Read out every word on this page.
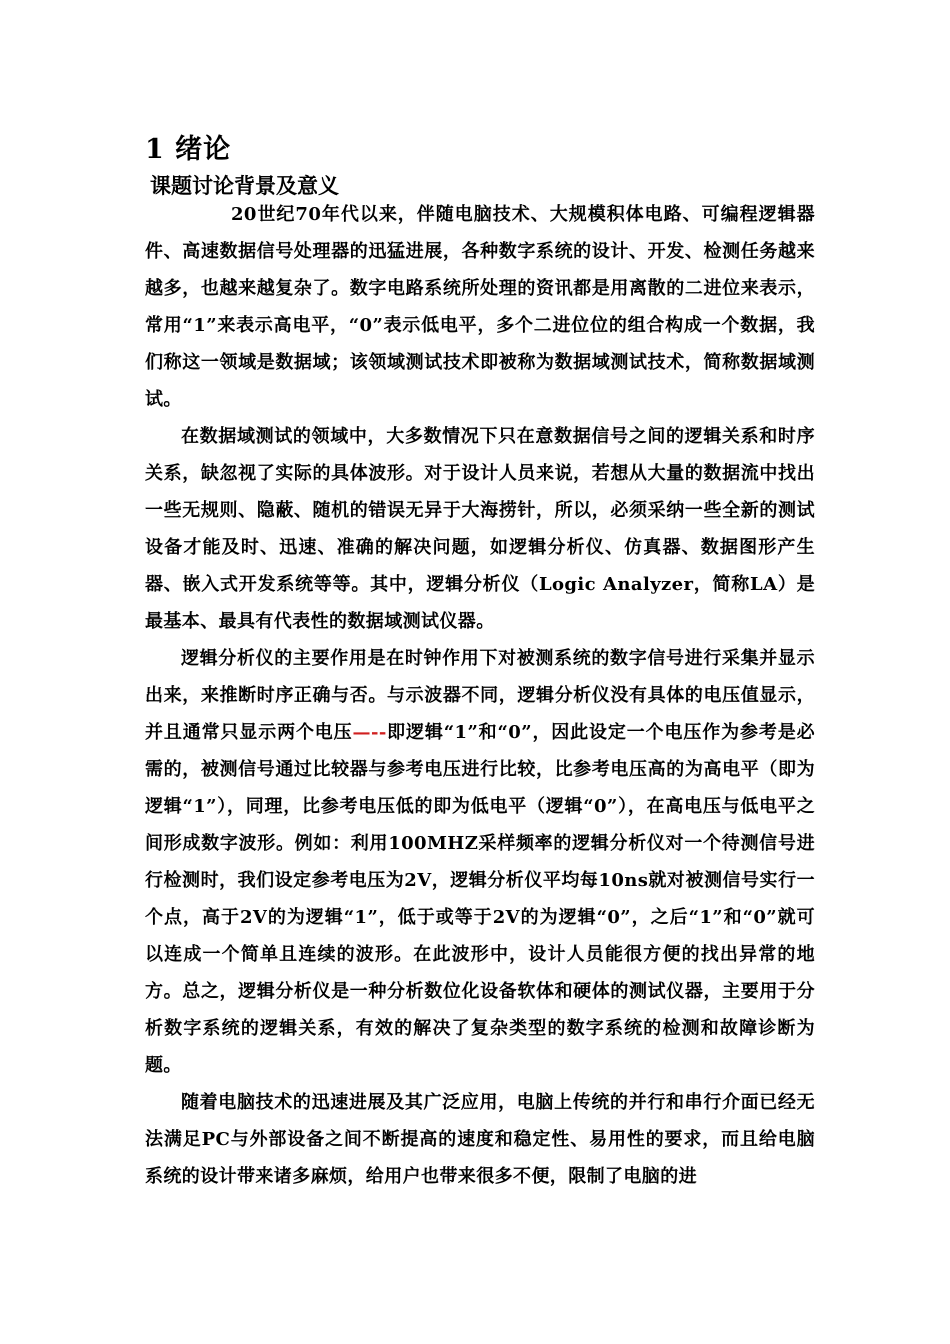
1 绪论
课题讨论背景及意义

20世纪70年代以来，伴随电脑技术、大规模积体电路、可编程逻辑器件、高速数据信号处理器的迅猛进展，各种数字系统的设计、开发、检测任务越来越多，也越来越复杂了。数字电路系统所处理的资讯都是用离散的二进位来表示，常用“1”来表示高电平，“0”表示低电平，多个二进位位的组合构成一个数据，我们称这一领域是数据域；该领域测试技术即被称为数据域测试技术，简称数据域测试。

在数据域测试的领域中，大多数情况下只在意数据信号之间的逻辑关系和时序关系，缺忽视了实际的具体波形。对于设计人员来说，若想从大量的数据流中找出一些无规则、隐蔽、随机的错误无异于大海捞针，所以，必须采纳一些全新的测试设备才能及时、迅速、准确的解决问题，如逻辑分析仪、仿真器、数据图形产生器、嵌入式开发系统等等。其中，逻辑分析仪（Logic Analyzer，简称LA）是最基本、最具有代表性的数据域测试仪器。

逻辑分析仪的主要作用是在时钟作用下对被测系统的数字信号进行采集并显示出来，来推断时序正确与否。与示波器不同，逻辑分析仪没有具体的电压值显示，并且通常只显示两个电压—--即逻辑“1”和“0”，因此设定一个电压作为参考是必需的，被测信号通过比较器与参考电压进行比较，比参考电压高的为高电平（即为逻辑“1”），同理，比参考电压低的即为低电平（逻辑“0”），在高电压与低电平之间形成数字波形。例如：利用100MHZ采样频率的逻辑分析仪对一个待测信号进行检测时，我们设定参考电压为2V，逻辑分析仪平均每10ns就对被测信号实行一个点，高于2V的为逻辑“1”，低于或等于2V的为逻辑“0”，之后“1”和“0”就可以连成一个简单且连续的波形。在此波形中，设计人员能很方便的找出异常的地方。总之，逻辑分析仪是一种分析数位化设备软体和硬体的测试仪器，主要用于分析数字系统的逻辑关系，有效的解决了复杂类型的数字系统的检测和故障诊断为题。

随着电脑技术的迅速进展及其广泛应用，电脑上传统的并行和串行介面已经无法满足PC与外部设备之间不断提高的速度和稳定性、易用性的要求，而且给电脑系统的设计带来诸多麻烦，给用户也带来很多不便，限制了电脑的进
